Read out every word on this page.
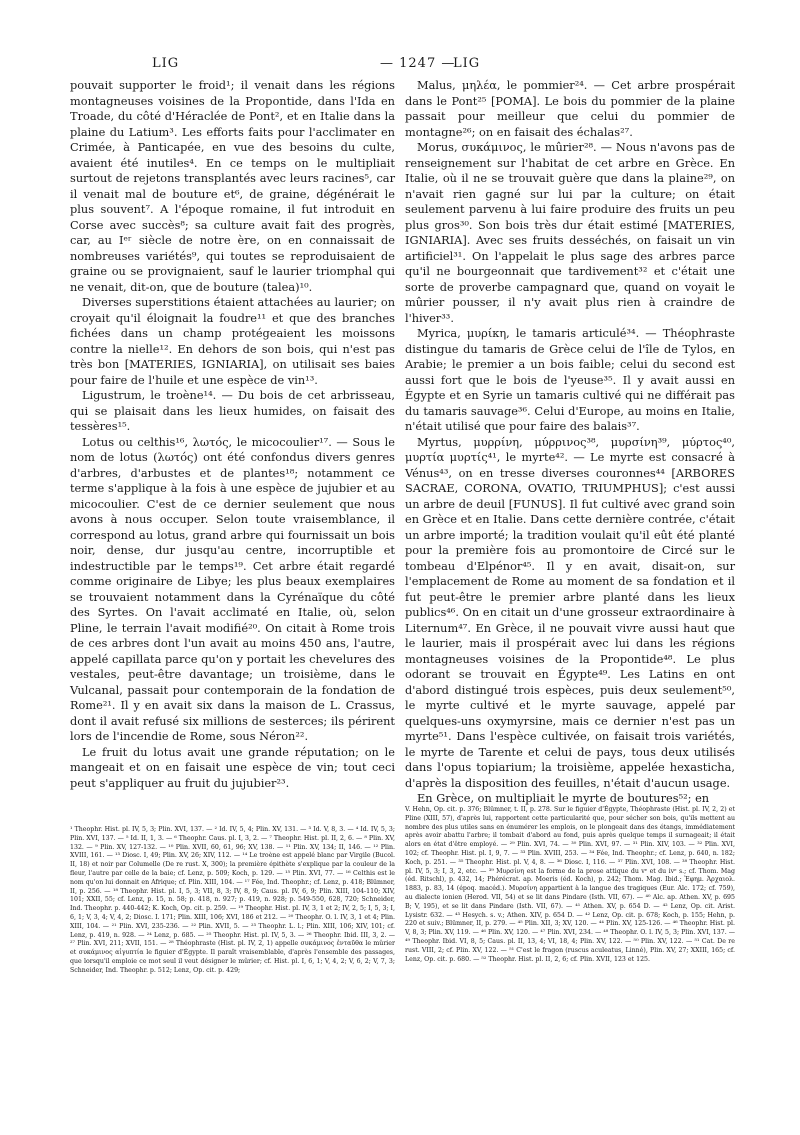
LIG	— 1247 —
LIG

pouvait supporter le froid¹; il venait dans les régions montagneuses voisines de la Propontide, dans l'Ida en Troade, du côté d'Héraclée de Pont², et en Italie dans la plaine du Latium³. Les efforts faits pour l'acclimater en Crimée, à Panticapée, en vue des besoins du culte, avaient été inutiles⁴. En ce temps on le multipliait surtout de rejetons transplantés avec leurs racines⁵, car il venait mal de bouture et⁶, de graine, dégénérait le plus souvent⁷. A l'époque romaine, il fut introduit en Corse avec succès⁸; sa culture avait fait des progrès, car, au Iᵉʳ siècle de notre ère, on en connaissait de nombreuses variétés⁹, qui toutes se reproduisaient de graine ou se provignaient, sauf le laurier triomphal qui ne venait, dit-on, que de bouture (talea)¹⁰.

Diverses superstitions étaient attachées au laurier; on croyait qu'il éloignait la foudre¹¹ et que des branches fichées dans un champ protégeaient les moissons contre la nielle¹². En dehors de son bois, qui n'est pas très bon [MATERIES, IGNIARIA], on utilisait ses baies pour faire de l'huile et une espèce de vin¹³.

Ligustrum, le troène¹⁴. — Du bois de cet arbrisseau, qui se plaisait dans les lieux humides, on faisait des tessères¹⁵.

Lotus ou celthis¹⁶, λωτός, le micocoulier¹⁷. — Sous le nom de lotus (λωτός) ont été confondus divers genres d'arbres, d'arbustes et de plantes¹⁸; notamment ce terme s'applique à la fois à une espèce de jujubier et au micocoulier. C'est de ce dernier seulement que nous avons à nous occuper. Selon toute vraisemblance, il correspond au lotus, grand arbre qui fournissait un bois noir, dense, dur jusqu'au centre, incorruptible et indestructible par le temps¹⁹. Cet arbre était regardé comme originaire de Libye; les plus beaux exemplaires se trouvaient notamment dans la Cyrénaïque du côté des Syrtes. On l'avait acclimaté en Italie, où, selon Pline, le terrain l'avait modifié²⁰. On citait à Rome trois de ces arbres dont l'un avait au moins 450 ans, l'autre, appelé capillata parce qu'on y portait les chevelures des vestales, peut-être davantage; un troisième, dans le Vulcanal, passait pour contemporain de la fondation de Rome²¹. Il y en avait six dans la maison de L. Crassus, dont il avait refusé six millions de sesterces; ils périrent lors de l'incendie de Rome, sous Néron²².

Le fruit du lotus avait une grande réputation; on le mangeait et on en faisait une espèce de vin; tout ceci peut s'appliquer au fruit du jujubier²³.

Malus, μηλέα, le pommier²⁴. — Cet arbre prospérait dans le Pont²⁵ [POMA]. Le bois du pommier de la plaine passait pour meilleur que celui du pommier de montagne²⁶; on en faisait des échalas²⁷.

Morus, συκάμινος, le mûrier²⁸. — Nous n'avons pas de renseignement sur l'habitat de cet arbre en Grèce. En Italie, où il ne se trouvait guère que dans la plaine²⁹, on n'avait rien gagné sur lui par la culture; on était seulement parvenu à lui faire produire des fruits un peu plus gros³⁰. Son bois très dur était estimé [MATERIES, IGNIARIA]. Avec ses fruits desséchés, on faisait un vin artificiel³¹. On l'appelait le plus sage des arbres parce qu'il ne bourgeonnait que tardivement³² et c'était une sorte de proverbe campagnard que, quand on voyait le mûrier pousser, il n'y avait plus rien à craindre de l'hiver³³.

Myrica, μυρίκη, le tamaris articulé³⁴. — Théophraste distingue du tamaris de Grèce celui de l'île de Tylos, en Arabie; le premier a un bois faible; celui du second est aussi fort que le bois de l'yeuse³⁵. Il y avait aussi en Égypte et en Syrie un tamaris cultivé qui ne différait pas du tamaris sauvage³⁶. Celui d'Europe, au moins en Italie, n'était utilisé que pour faire des balais³⁷.

Myrtus, μυρρίνη, μύρρινος³⁸, μυρσίνη³⁹, μύρτος⁴⁰, μυρτία μυρτίς⁴¹, le myrte⁴². — Le myrte est consacré à Vénus⁴³, on en tresse diverses couronnes⁴⁴ [ARBORES SACRAE, CORONA, OVATIO, TRIUMPHUS]; c'est aussi un arbre de deuil [FUNUS]. Il fut cultivé avec grand soin en Grèce et en Italie. Dans cette dernière contrée, c'était un arbre importé; la tradition voulait qu'il eût été planté pour la première fois au promontoire de Circé sur le tombeau d'Elpénor⁴⁵. Il y en avait, disait-on, sur l'emplacement de Rome au moment de sa fondation et il fut peut-être le premier arbre planté dans les lieux publics⁴⁶. On en citait un d'une grosseur extraordinaire à Liternum⁴⁷. En Grèce, il ne pouvait vivre aussi haut que le laurier, mais il prospérait avec lui dans les régions montagneuses voisines de la Propontide⁴⁸. Le plus odorant se trouvait en Égypte⁴⁹. Les Latins en ont d'abord distingué trois espèces, puis deux seulement⁵⁰, le myrte cultivé et le myrte sauvage, appelé par quelques-uns oxymyrsine, mais ce dernier n'est pas un myrte⁵¹. Dans l'espèce cultivée, on faisait trois variétés, le myrte de Tarente et celui de pays, tous deux utilisés dans l'opus topiarium; la troisième, appelée hexasticha, d'après la disposition des feuilles, n'était d'aucun usage.

En Grèce, on multipliait le myrte de boutures⁵²; en

¹ Theophr. Hist. pl. IV, 5, 3; Plin. XVI, 137. — ² Id. IV, 5, 4; Plin. XV, 131. — ³ Id. V, 8, 3. — ⁴ Id. IV, 5, 3; Plin. XVI, 137. — ⁵ Id. II, 1, 3. — ⁶ Theophr. Caus. pl. I, 3, 2. — ⁷ Theophr. Hist. pl. II, 2, 6. — ⁸ Plin. XV, 132. — ⁹ Plin. XV, 127-132. — ¹⁰ Plin. XVII, 60, 61, 96; XV, 138. — ¹¹ Plin. XV, 134; II, 146. — ¹² Plin. XVIII, 161. — ¹³ Diosc. I, 49; Plin. XV, 26; XIV, 112. — ¹⁴ Le troène est appelé blanc par Virgile (Bucol. II, 18) et noir par Columelle (De re rust. X, 300); la première épithète s'explique par la couleur de la fleur, l'autre par celle de la baie; cf. Lenz, p. 509; Koch, p. 129. — ¹⁵ Plin. XVI, 77. — ¹⁶ Celthis est le nom qu'on lui donnait en Afrique; cf. Plin. XIII, 104. — ¹⁷ Fée, Ind. Theophr.; cf. Lenz, p. 418; Blümner, II, p. 256. — ¹⁸ Theophr. Hist. pl. I, 5, 3; VII, 8, 3; IV, 8, 9; Caus. pl. IV, 6, 9; Plin. XIII, 104-110; XIV, 101; XXII, 55; cf. Lenz, p. 15, n. 58; p. 418, n. 927; p. 419, n. 928; p. 549-550, 628, 720; Schneider, Ind. Theophr. p. 440-442; K. Koch, Op. cit. p. 259. — ¹⁹ Theophr. Hist. pl. IV, 3, 1 et 2; IV, 2, 5; I, 5, 3; I, 6, 1; V, 3, 4; V, 4, 2; Diosc. I. 171; Plin. XIII, 106; XVI, 186 et 212. — ²⁰ Theophr. O. l. IV, 3, 1 et 4; Plin. XIII, 104. — ²¹ Plin. XVI, 235-236. — ²² Plin. XVII, 5. — ²³ Theophr. L. l.; Plin. XIII, 106; XIV, 101; cf. Lenz, p. 419, n. 928. — ²⁴ Lenz, p. 685. — ²⁵ Theophr. Hist. pl. IV, 5, 3. — ²⁶ Theophr. Ibid. III, 3, 2. — ²⁷ Plin. XVI, 211; XVII, 151. — ²⁸ Théophraste (Hist. pl. IV, 2, 1) appelle συκάμινος ἐνταῦθα le mûrier et συκάμινος αἰγυπτία le figuier d'Égypte. Il paraît vraisemblable, d'après l'ensemble des passages, que lorsqu'il emploie ce mot seul il veut désigner le mûrier; cf. Hist. pl. I, 6, 1; V, 4, 2; V, 6, 2; V, 7, 3; Schneider, Ind. Theophr. p. 512; Lenz, Op. cit. p. 429;

V. Hehn, Op. cit. p. 376; Blümner, t. II, p. 278. Sur le figuier d'Égypte, Théophraste (Hist. pl. IV, 2, 2) et Pline (XIII, 57), d'après lui, rapportent cette particularité que, pour sécher son bois, qu'ils mettent au nombre des plus utiles sans en énumérer les emplois, on le plongeait dans des étangs, immédiatement après avoir abattu l'arbre; il tombait d'abord au fond, puis après quelque temps il surnageait; il était alors en état d'être employé. — ²⁹ Plin. XVI, 74. — ³⁰ Plin. XVI, 97. — ³¹ Plin. XIV, 103. — ³² Plin. XVI, 102; cf. Theophr. Hist. pl. I, 9, 7. — ³³ Plin. XVIII, 253. — ³⁴ Fée, Ind. Theophr.; cf. Lenz, p. 640, n. 182; Koch, p. 251. — ³⁵ Theophr. Hist. pl. V, 4, 8. — ³⁶ Diosc. I, 116. — ³⁷ Plin. XVI, 108. — ³⁸ Theophr. Hist. pl. IV, 5, 3; I, 3, 2, etc. — ³⁹ Μυρσίνη est la forme de la prose attique du vᵉ et du ivᵉ s.; cf. Thom. Mag (éd. Ritschl), p. 432, 14; Phérécrat. ap. Moeris (éd. Koch), p. 242; Thom. Mag. Ibid.; Ἐφημ. Ἀρχαιολ. 1883, p. 83, 14 (époq. macéd.). Μυρσίνη appartient à la langue des tragiques (Eur. Alc. 172; cf. 759), au dialecte ionien (Herod. VII, 54) et se lit dans Pindare (Isth. VII, 67). — ⁴⁰ Alc. ap. Athen. XV, p. 695 B; V, 195), et se lit dans Pindare (Isth. VII, 67). — ⁴¹ Athen. XV, p. 654 D. — ⁴² Lenz, Op. cit. Arist. Lysistr. 632. — ⁴³ Hesych. s. v.; Athen. XIV, p. 654 D. — ⁴² Lenz, Op. cit. p. 678; Koch, p. 155; Hehn, p. 220 et suiv.; Blümner, II, p. 279. — ⁴⁵ Plin. XII, 3; XV, 120. — ⁴⁴ Plin. XV, 125-126. — ⁴⁶ Theophr. Hist. pl. V, 8, 3; Plin. XV, 119. — ⁴⁶ Plin. XV, 120. — ⁴⁷ Plin. XVI, 234. — ⁴⁸ Theophr. O. l. IV, 5, 3; Plin. XVI, 137. — ⁴⁹ Theophr. Ibid. VI, 8, 5; Caus. pl. II, 13, 4; VI, 18, 4; Plin. XV, 122. — ⁵⁰ Plin. XV, 122. — ⁵¹ Cat. De re rust. VIII, 2; cf. Plin. XV, 122. — ⁵¹ C'est le fragon (ruscus aculeatus, Linné), Plin. XV, 27; XXIII, 165; cf. Lenz, Op. cit. p. 680. — ⁵² Theophr. Hist. pl. II, 2, 6; cf. Plin. XVII, 123 et 125.
